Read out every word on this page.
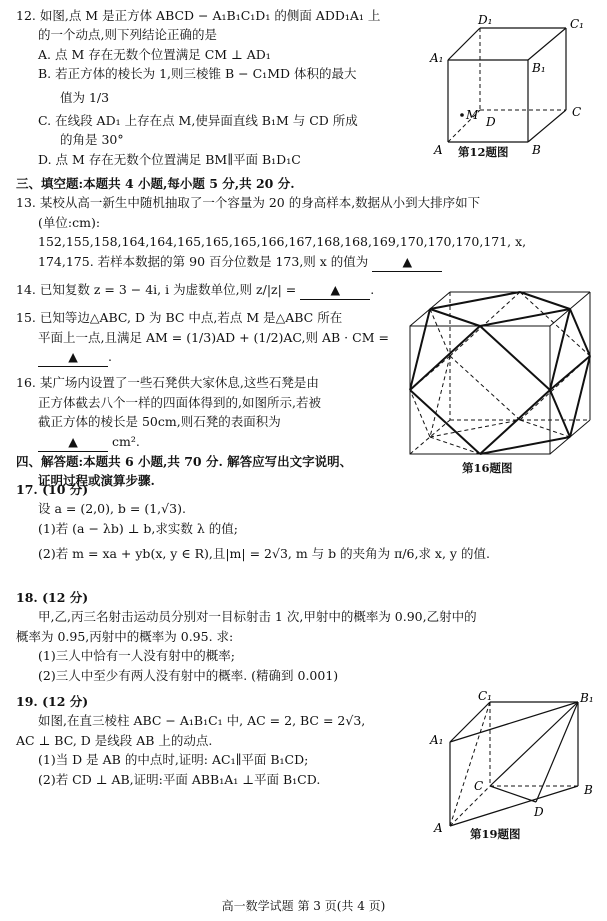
12. 如图,点 M 是正方体 ABCD − A₁B₁C₁D₁ 的侧面 ADD₁A₁ 上
的一个动点,则下列结论正确的是
A. 点 M 存在无数个位置满足 CM ⊥ AD₁
B. 若正方体的棱长为 1,则三棱锥 B − C₁MD 体积的最大
值为 1/3
C. 在线段 AD₁ 上存在点 M,使异面直线 B₁M 与 CD 所成
的角是 30°
D. 点 M 存在无数个位置满足 BM∥平面 B₁D₁C
D₁	C₁
A₁
B₁
M D
C
A	B
第12题图
三、填空题:本题共 4 小题,每小题 5 分,共 20 分.
13. 某校从高一新生中随机抽取了一个容量为 20 的身高样本,数据从小到大排序如下
(单位:cm):
152,155,158,164,164,165,165,165,166,167,168,168,169,170,170,170,171, x,
174,175. 若样本数据的第 90 百分位数是 173,则 x 的值为	▲
14. 已知复数 z = 3 − 4i, i 为虚数单位,则 z/|z| =	▲ .
15. 已知等边△ABC, D 为 BC 中点,若点 M 是△ABC 所在
平面上一点,且满足 AM = (1/3)AD + (1/2)AC,则 AB · CM =
▲ .
16. 某广场内设置了一些石凳供大家休息,这些石凳是由
正方体截去八个一样的四面体得到的,如图所示,若被
截正方体的棱长是 50cm,则石凳的表面积为
▲	cm².
四、解答题:本题共 6 小题,共 70 分. 解答应写出文字说明、
证明过程或演算步骤.
第16题图
17. (10 分)
设 a = (2,0), b = (1,√3).
(1)若 (a − λb) ⊥ b,求实数 λ 的值;
(2)若 m = xa + yb(x, y ∈ R),且|m| = 2√3, m 与 b 的夹角为 π/6,求 x, y 的值.
18. (12 分)
甲,乙,丙三名射击运动员分别对一目标射击 1 次,甲射中的概率为 0.90,乙射中的
概率为 0.95,丙射中的概率为 0.95. 求:
(1)三人中恰有一人没有射中的概率;
(2)三人中至少有两人没有射中的概率. (精确到 0.001)
19. (12 分)
如图,在直三棱柱 ABC − A₁B₁C₁ 中, AC = 2, BC = 2√3,
AC ⊥ BC, D 是线段 AB 上的动点.
(1)当 D 是 AB 的中点时,证明: AC₁∥平面 B₁CD;
(2)若 CD ⊥ AB,证明:平面 ABB₁A₁ ⊥平面 B₁CD.
C₁	B₁
A₁
C
D
A
B
第19题图
高一数学试题 第 3 页(共 4 页)
